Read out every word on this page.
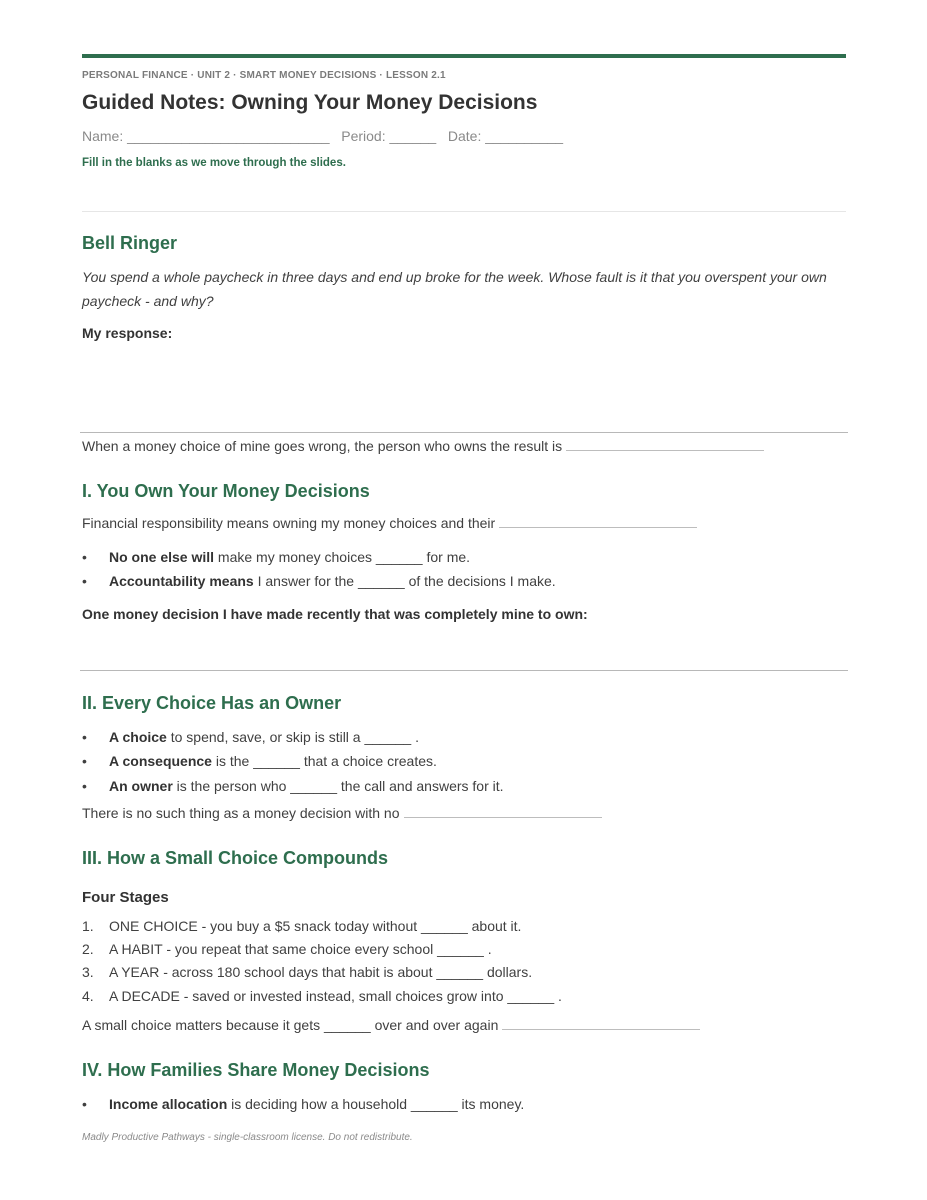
PERSONAL FINANCE · UNIT 2 · SMART MONEY DECISIONS · LESSON 2.1
Guided Notes: Owning Your Money Decisions
Name: __________________________   Period: ______   Date: __________
Fill in the blanks as we move through the slides.
Bell Ringer
You spend a whole paycheck in three days and end up broke for the week. Whose fault is it that you overspent your own paycheck - and why?
My response:
When a money choice of mine goes wrong, the person who owns the result is
I. You Own Your Money Decisions
Financial responsibility means owning my money choices and their
• No one else will make my money choices ______ for me.
• Accountability means I answer for the ______ of the decisions I make.
One money decision I have made recently that was completely mine to own:
II. Every Choice Has an Owner
• A choice to spend, save, or skip is still a ______ .
• A consequence is the ______ that a choice creates.
• An owner is the person who ______ the call and answers for it.
There is no such thing as a money decision with no
III. How a Small Choice Compounds
Four Stages
1. ONE CHOICE - you buy a $5 snack today without ______ about it.
2. A HABIT - you repeat that same choice every school ______ .
3. A YEAR - across 180 school days that habit is about ______ dollars.
4. A DECADE - saved or invested instead, small choices grow into ______ .
A small choice matters because it gets ______ over and over again
IV. How Families Share Money Decisions
• Income allocation is deciding how a household ______ its money.
Madly Productive Pathways - single-classroom license. Do not redistribute.
